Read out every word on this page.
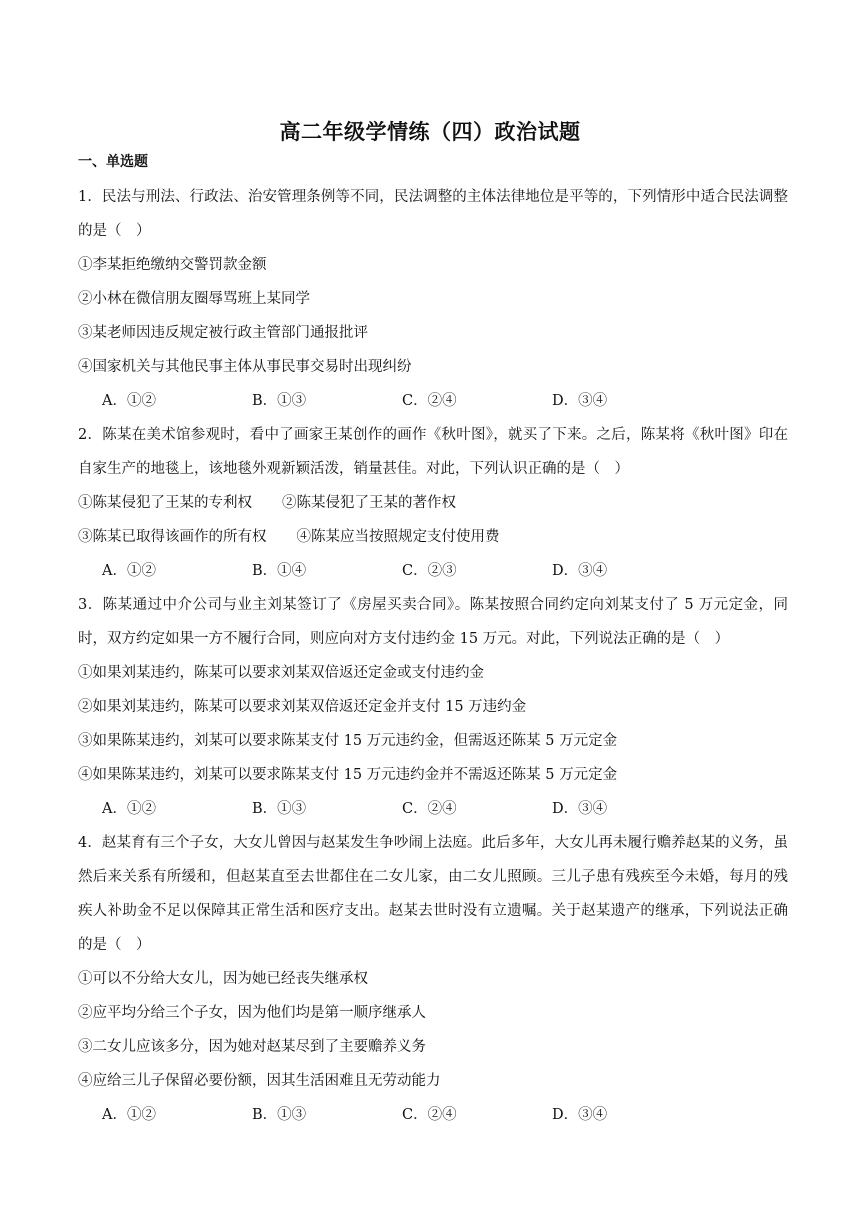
高二年级学情练（四）政治试题
一、单选题
1．民法与刑法、行政法、治安管理条例等不同，民法调整的主体法律地位是平等的，下列情形中适合民法调整的是（　）
①李某拒绝缴纳交警罚款金额
②小林在微信朋友圈辱骂班上某同学
③某老师因违反规定被行政主管部门通报批评
④国家机关与其他民事主体从事民事交易时出现纠纷
A．①②	B．①③	C．②④	D．③④
2．陈某在美术馆参观时，看中了画家王某创作的画作《秋叶图》，就买了下来。之后，陈某将《秋叶图》印在自家生产的地毯上，该地毯外观新颖活泼，销量甚佳。对此，下列认识正确的是（　）
①陈某侵犯了王某的专利权 ②陈某侵犯了王某的著作权
③陈某已取得该画作的所有权 ④陈某应当按照规定支付使用费
A．①②	B．①④	C．②③	D．③④
3．陈某通过中介公司与业主刘某签订了《房屋买卖合同》。陈某按照合同约定向刘某支付了 5 万元定金，同时，双方约定如果一方不履行合同，则应向对方支付违约金 15 万元。对此，下列说法正确的是（　）
①如果刘某违约，陈某可以要求刘某双倍返还定金或支付违约金
②如果刘某违约，陈某可以要求刘某双倍返还定金并支付 15 万违约金
③如果陈某违约，刘某可以要求陈某支付 15 万元违约金，但需返还陈某 5 万元定金
④如果陈某违约，刘某可以要求陈某支付 15 万元违约金并不需返还陈某 5 万元定金
A．①②	B．①③	C．②④	D．③④
4．赵某育有三个子女，大女儿曾因与赵某发生争吵闹上法庭。此后多年，大女儿再未履行赡养赵某的义务，虽然后来关系有所缓和，但赵某直至去世都住在二女儿家，由二女儿照顾。三儿子患有残疾至今未婚，每月的残疾人补助金不足以保障其正常生活和医疗支出。赵某去世时没有立遗嘱。关于赵某遗产的继承，下列说法正确的是（　）
①可以不分给大女儿，因为她已经丧失继承权
②应平均分给三个子女，因为他们均是第一顺序继承人
③二女儿应该多分，因为她对赵某尽到了主要赡养义务
④应给三儿子保留必要份额，因其生活困难且无劳动能力
A．①②	B．①③	C．②④	D．③④
